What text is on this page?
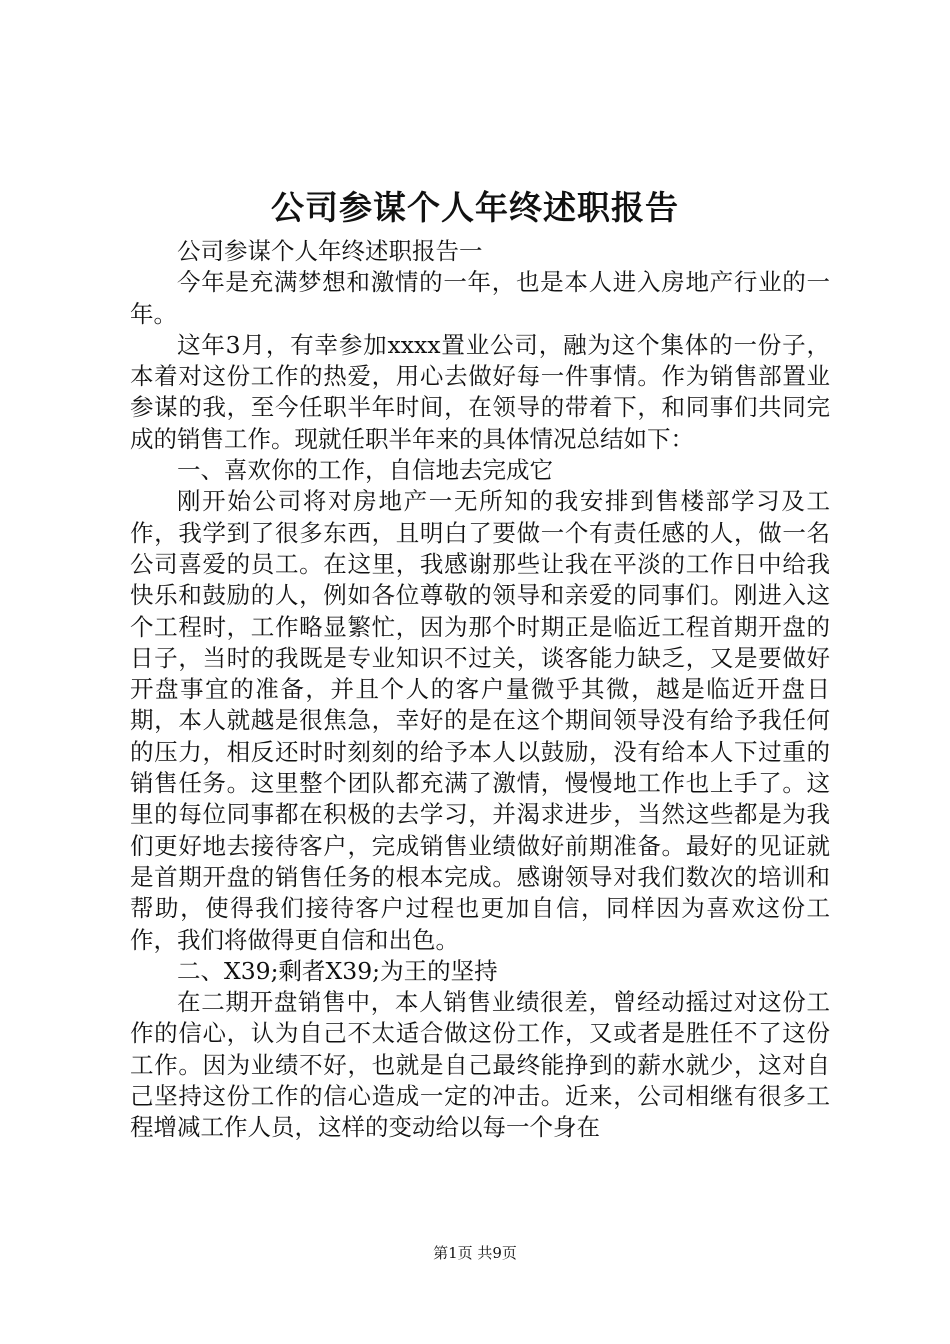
公司参谋个人年终述职报告

公司参谋个人年终述职报告一

今年是充满梦想和激情的一年，也是本人进入房地产行业的一年。

这年3月，有幸参加xxxx置业公司，融为这个集体的一份子，本着对这份工作的热爱，用心去做好每一件事情。作为销售部置业参谋的我，至今任职半年时间，在领导的带着下，和同事们共同完成的销售工作。现就任职半年来的具体情况总结如下：

一、喜欢你的工作，自信地去完成它

刚开始公司将对房地产一无所知的我安排到售楼部学习及工作，我学到了很多东西，且明白了要做一个有责任感的人，做一名公司喜爱的员工。在这里，我感谢那些让我在平淡的工作日中给我快乐和鼓励的人，例如各位尊敬的领导和亲爱的同事们。刚进入这个工程时，工作略显繁忙，因为那个时期正是临近工程首期开盘的日子，当时的我既是专业知识不过关，谈客能力缺乏，又是要做好开盘事宜的准备，并且个人的客户量微乎其微，越是临近开盘日期，本人就越是很焦急，幸好的是在这个期间领导没有给予我任何的压力，相反还时时刻刻的给予本人以鼓励，没有给本人下过重的销售任务。这里整个团队都充满了激情，慢慢地工作也上手了。这里的每位同事都在积极的去学习，并渴求进步，当然这些都是为我们更好地去接待客户，完成销售业绩做好前期准备。最好的见证就是首期开盘的销售任务的根本完成。感谢领导对我们数次的培训和帮助，使得我们接待客户过程也更加自信，同样因为喜欢这份工作，我们将做得更自信和出色。

二、X39;剩者X39;为王的坚持

在二期开盘销售中，本人销售业绩很差，曾经动摇过对这份工作的信心，认为自己不太适合做这份工作，又或者是胜任不了这份工作。因为业绩不好，也就是自己最终能挣到的薪水就少，这对自己坚持这份工作的信心造成一定的冲击。近来，公司相继有很多工程增减工作人员，这样的变动给以每一个身在

第1页 共9页
